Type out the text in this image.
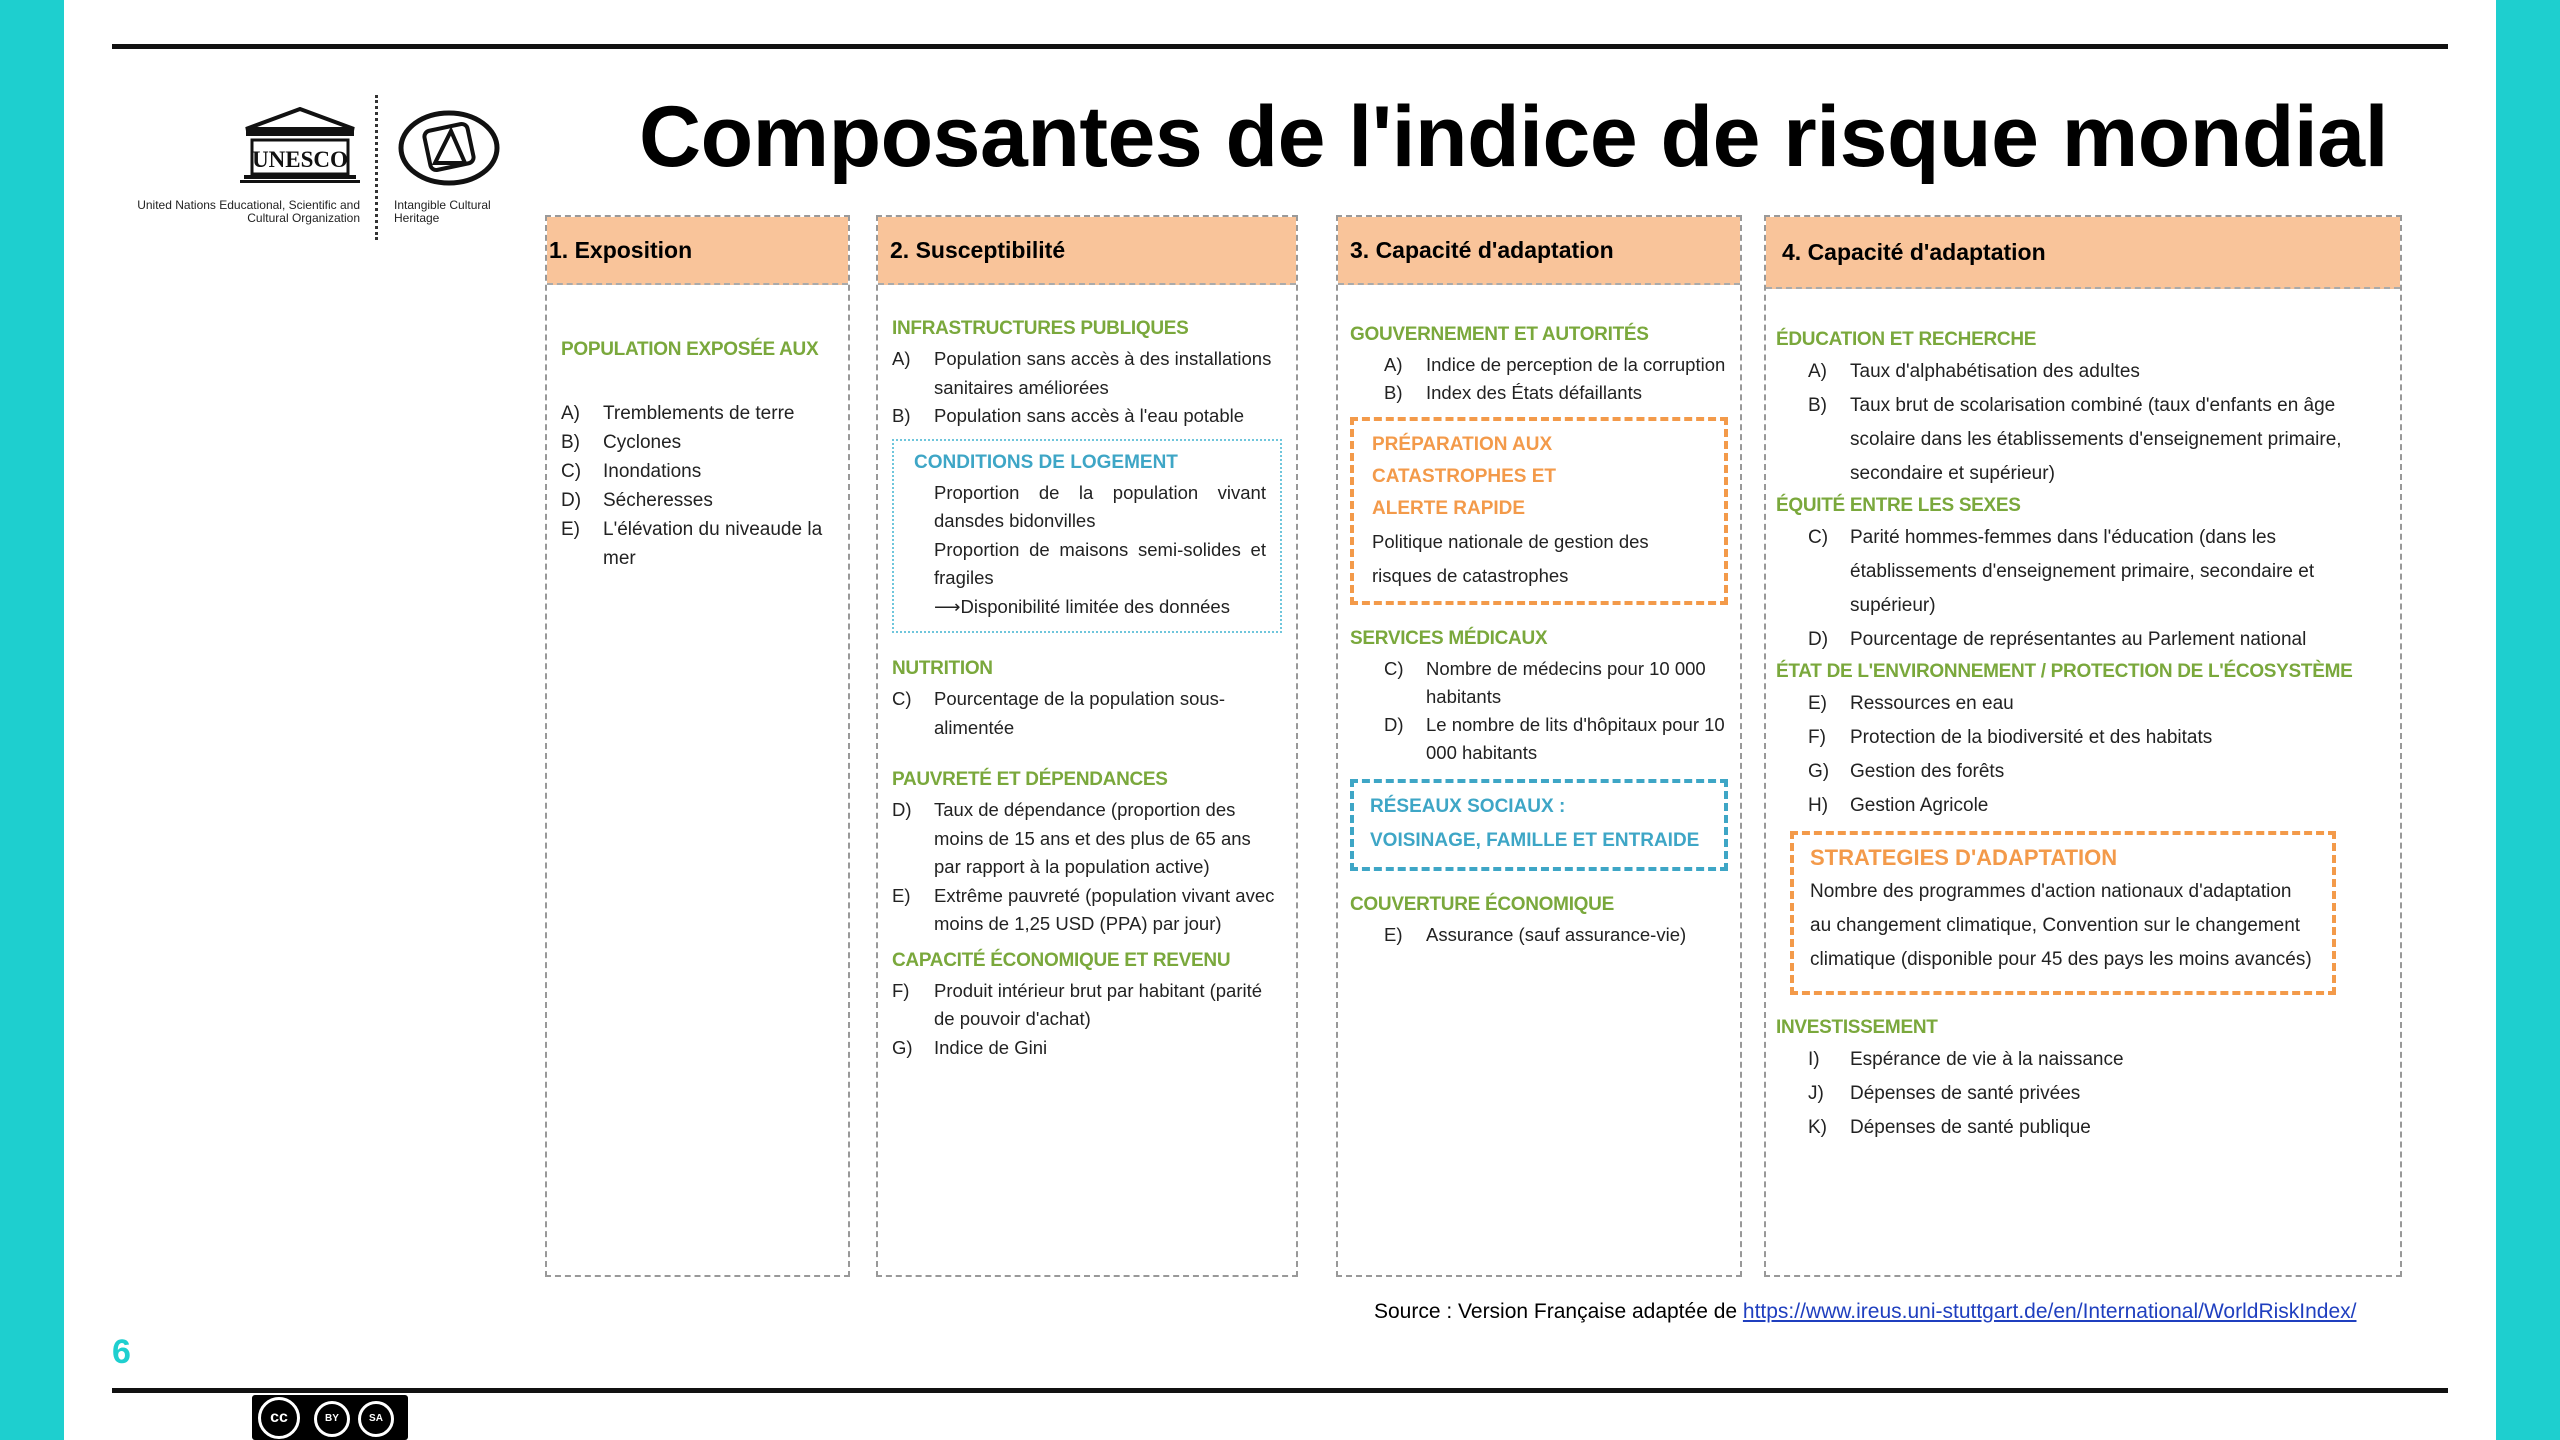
UNESCO
United Nations Educational, Scientific and Cultural Organization
Intangible Cultural Heritage
Composantes de l'indice de risque mondial
1. Exposition

POPULATION EXPOSÉE AUX

A)	Tremblements de terre
B)	Cyclones
C)	Inondations
D)	Sécheresses
E)	L'élévation du niveaude la mer
2. Susceptibilité

INFRASTRUCTURES PUBLIQUES

A)	Population sans accès à des installations sanitaires améliorées
B)	Population sans accès à l'eau potable

CONDITIONS DE LOGEMENT

Proportion de la population vivant dansdes bidonvilles

Proportion de maisons semi-solides et fragiles

⟶Disponibilité limitée des données

NUTRITION

C)	Pourcentage de la population sous-alimentée

PAUVRETÉ ET DÉPENDANCES

D)	Taux de dépendance (proportion des moins de 15 ans et des plus de 65 ans par rapport à la population active)
E)	Extrême pauvreté (population vivant avec moins de 1,25 USD (PPA) par jour)

CAPACITÉ ÉCONOMIQUE ET REVENU

F)	Produit intérieur brut par habitant (parité de pouvoir d'achat)
G)	Indice de Gini
3. Capacité d'adaptation

GOUVERNEMENT ET AUTORITÉS

A)	Indice de perception de la corruption
B)	Index des États défaillants

PRÉPARATION AUX CATASTROPHES ET

ALERTE RAPIDE

Politique nationale de gestion des risques de catastrophes

SERVICES MÉDICAUX

C)	Nombre de médecins pour 10 000 habitants
D)	Le nombre de lits d'hôpitaux pour 10 000 habitants

RÉSEAUX SOCIAUX :

VOISINAGE, FAMILLE ET ENTRAIDE

COUVERTURE ÉCONOMIQUE

E)	Assurance (sauf assurance-vie)
4. Capacité d'adaptation

ÉDUCATION ET RECHERCHE

A)	Taux d'alphabétisation des adultes
B)	Taux brut de scolarisation combiné (taux d'enfants en âge scolaire dans les établissements d'enseignement primaire, secondaire et supérieur)

ÉQUITÉ ENTRE LES SEXES

C)	Parité hommes-femmes dans l'éducation (dans les établissements d'enseignement primaire, secondaire et supérieur)
D)	Pourcentage de représentantes au Parlement national

ÉTAT DE L'ENVIRONNEMENT / PROTECTION DE L'ÉCOSYSTÈME

E)	Ressources en eau
F)	Protection de la biodiversité et des habitats
G)	Gestion des forêts
H)	Gestion Agricole

STRATEGIES D'ADAPTATION

Nombre des programmes d'action nationaux d'adaptation au changement climatique, Convention sur le changement climatique (disponible pour 45 des pays les moins avancés)

INVESTISSEMENT

I)	Espérance de vie à la naissance
J)	Dépenses de santé privées
K)	Dépenses de santé publique
Source : Version Française adaptée de https://www.ireus.uni-stuttgart.de/en/International/WorldRiskIndex/
6
cc	BY	SA
